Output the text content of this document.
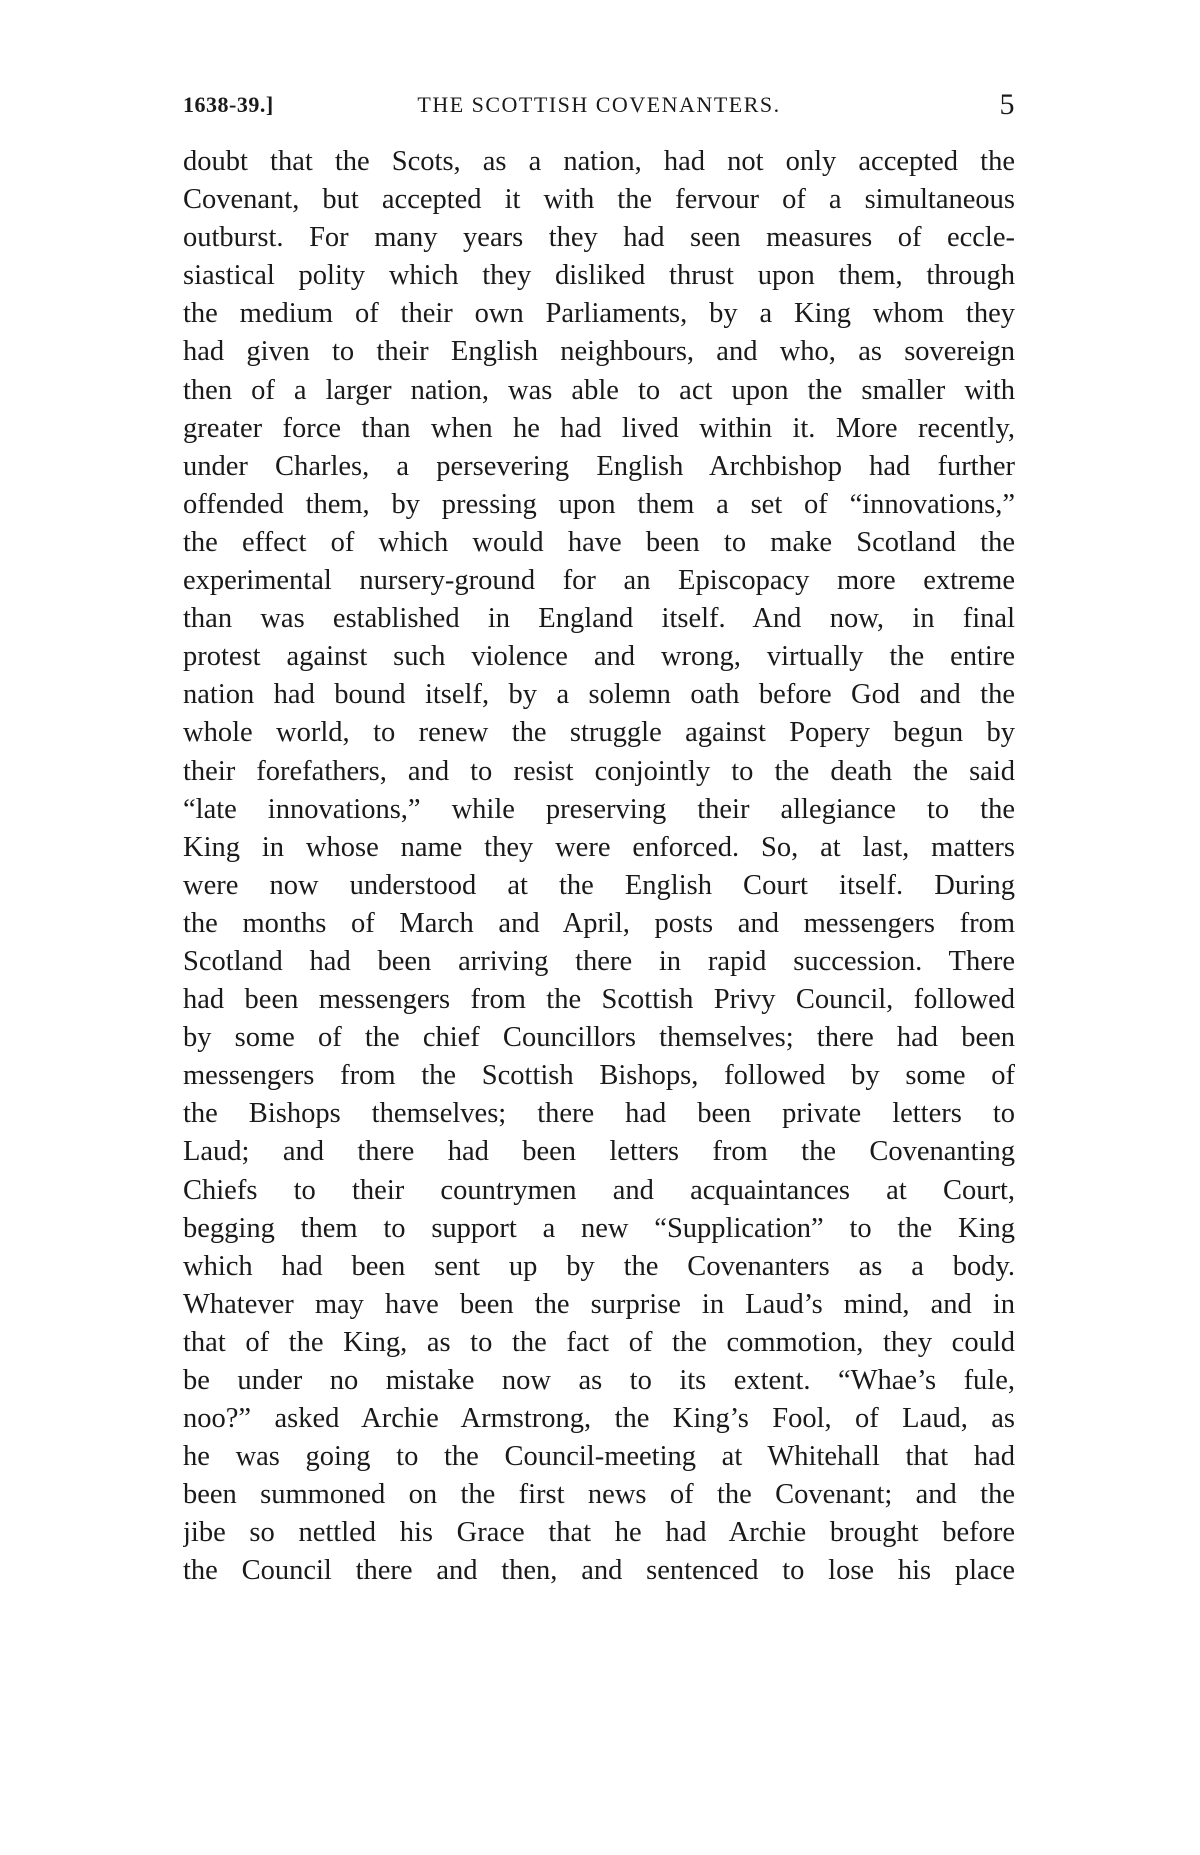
1638-39.]	THE SCOTTISH COVENANTERS.	5
doubt that the Scots, as a nation, had not only accepted the
Covenant, but accepted it with the fervour of a simultaneous
outburst. For many years they had seen measures of eccle-
siastical polity which they disliked thrust upon them, through
the medium of their own Parliaments, by a King whom they
had given to their English neighbours, and who, as sovereign
then of a larger nation, was able to act upon the smaller with
greater force than when he had lived within it. More recently,
under Charles, a persevering English Archbishop had further
offended them, by pressing upon them a set of “innovations,”
the effect of which would have been to make Scotland the
experimental nursery-ground for an Episcopacy more extreme
than was established in England itself. And now, in final
protest against such violence and wrong, virtually the entire
nation had bound itself, by a solemn oath before God and the
whole world, to renew the struggle against Popery begun by
their forefathers, and to resist conjointly to the death the said
“late innovations,” while preserving their allegiance to the
King in whose name they were enforced. So, at last, matters
were now understood at the English Court itself. During
the months of March and April, posts and messengers from
Scotland had been arriving there in rapid succession. There
had been messengers from the Scottish Privy Council, followed
by some of the chief Councillors themselves; there had been
messengers from the Scottish Bishops, followed by some of
the Bishops themselves; there had been private letters to
Laud; and there had been letters from the Covenanting
Chiefs to their countrymen and acquaintances at Court,
begging them to support a new “Supplication” to the King
which had been sent up by the Covenanters as a body.
Whatever may have been the surprise in Laud’s mind, and in
that of the King, as to the fact of the commotion, they could
be under no mistake now as to its extent. “Whae’s fule,
noo?” asked Archie Armstrong, the King’s Fool, of Laud, as
he was going to the Council-meeting at Whitehall that had
been summoned on the first news of the Covenant; and the
jibe so nettled his Grace that he had Archie brought before
the Council there and then, and sentenced to lose his place
